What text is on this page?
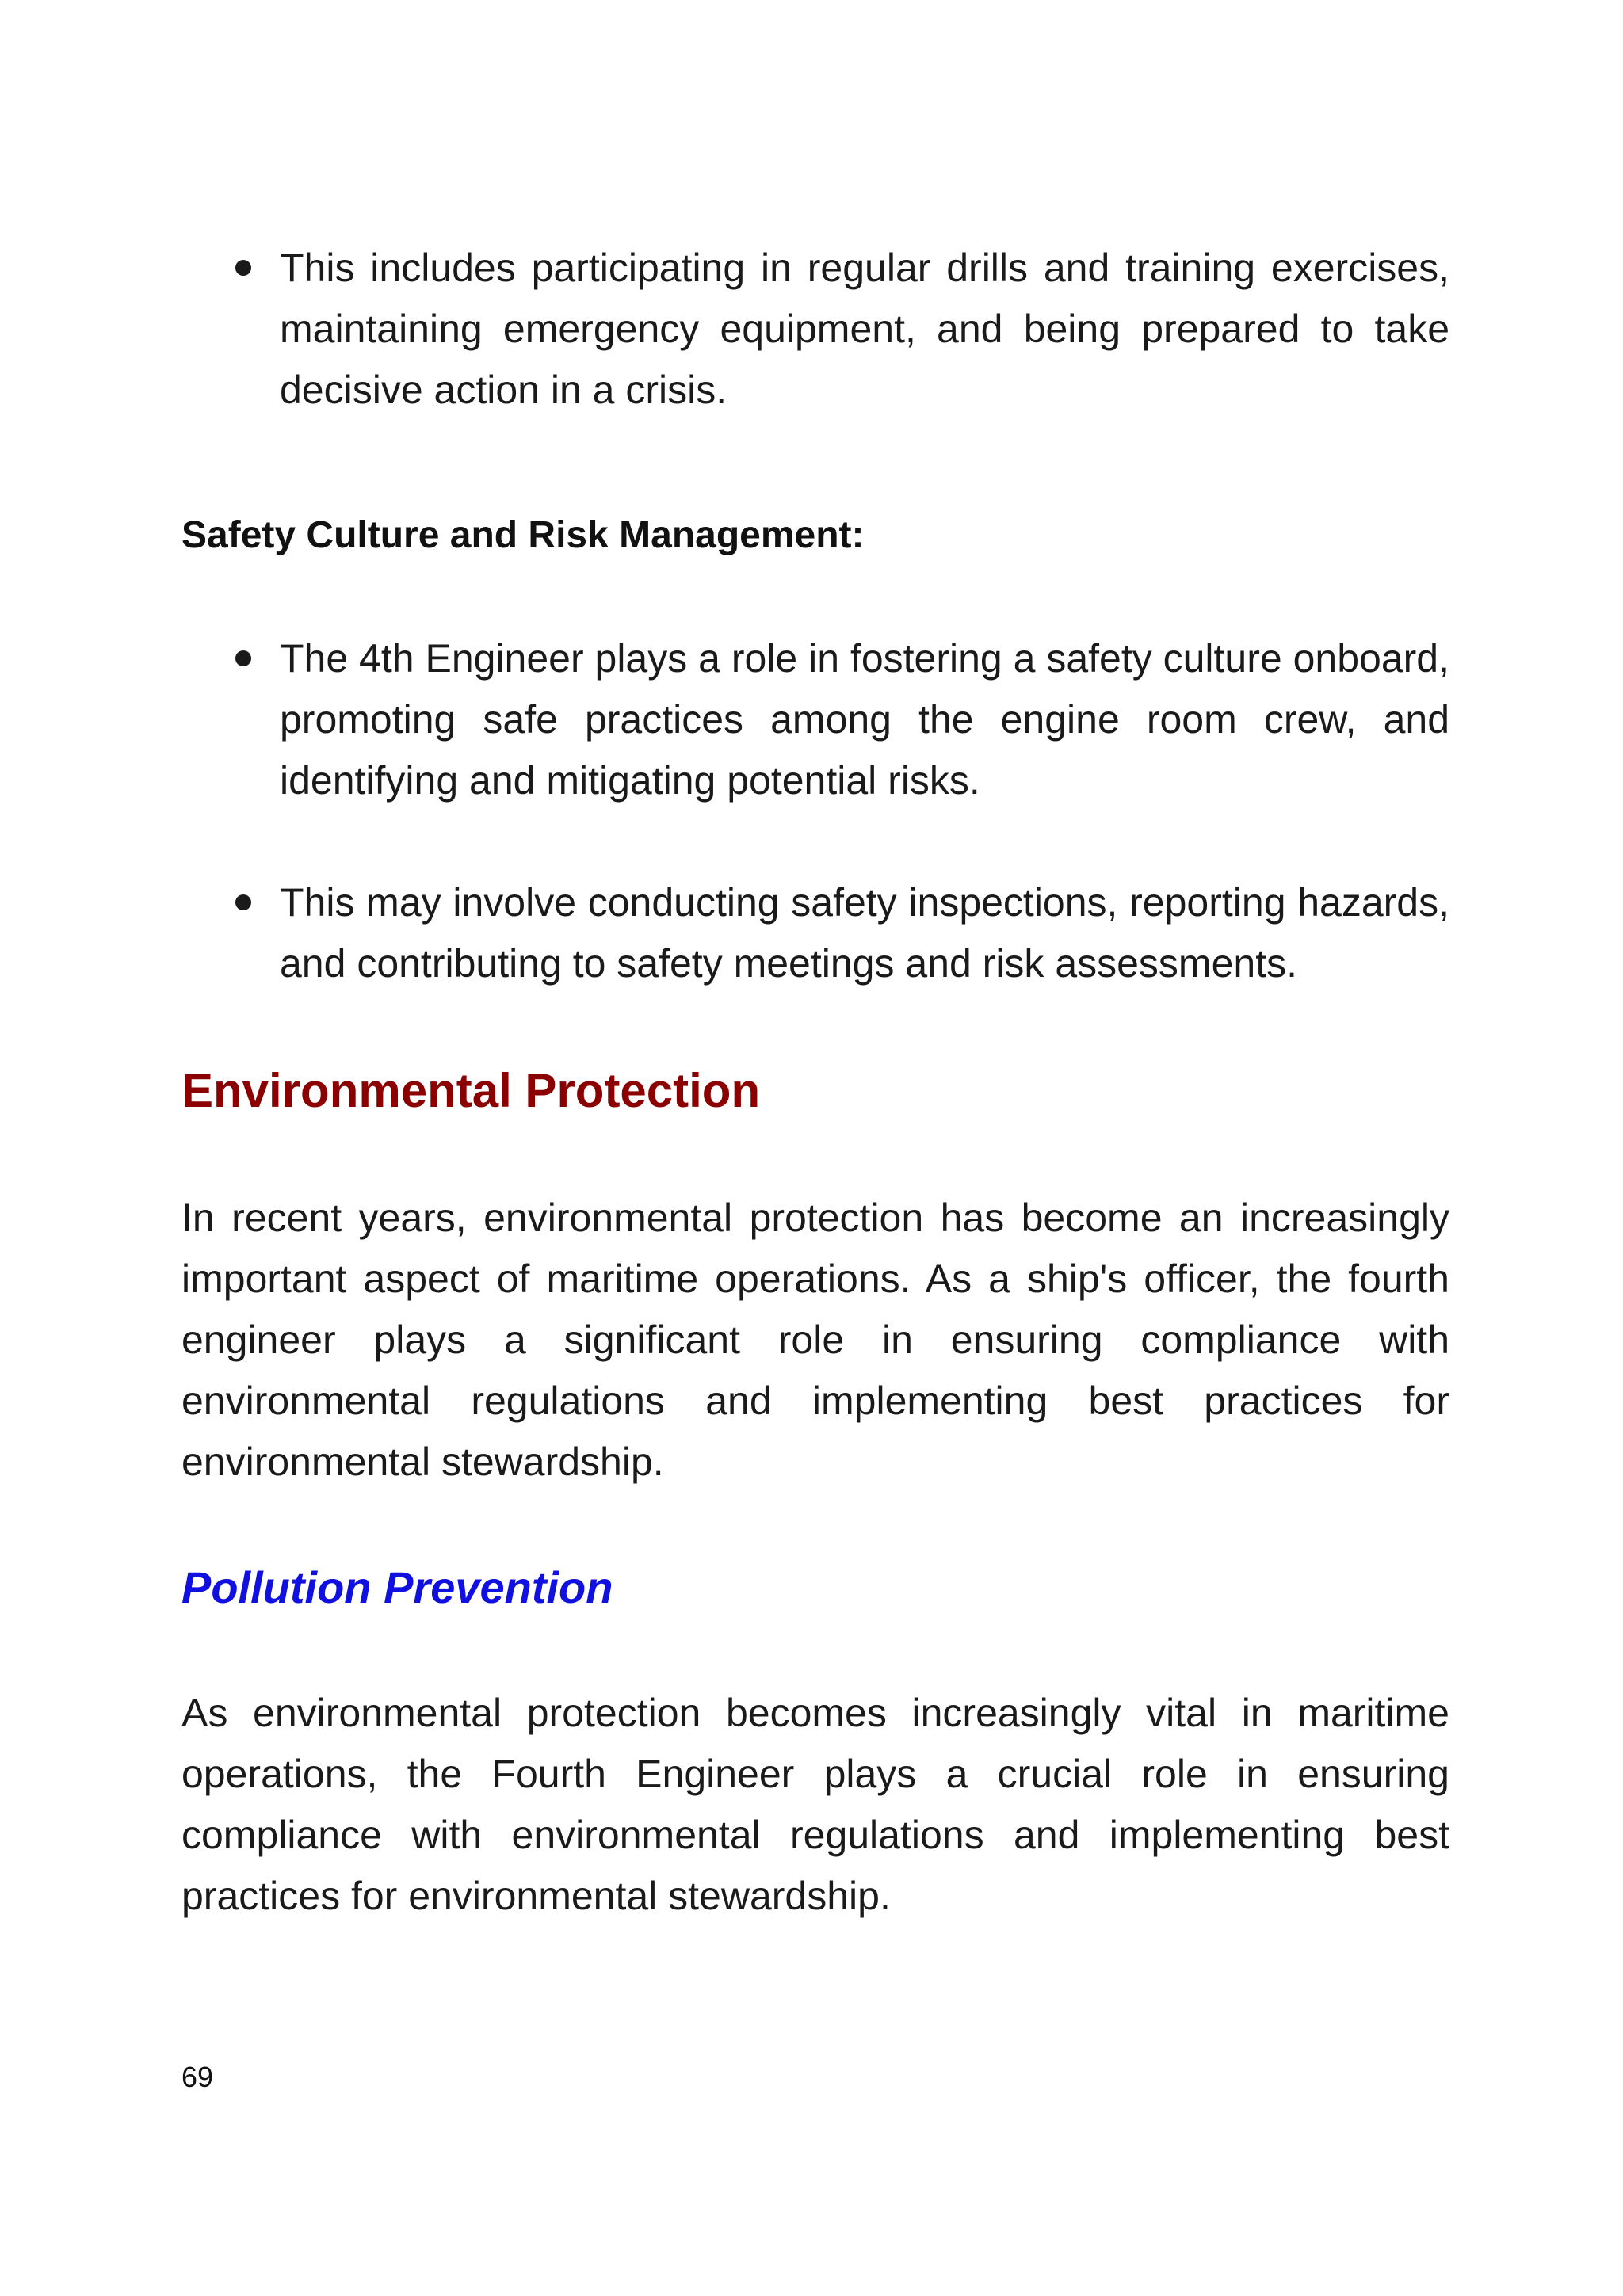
This includes participating in regular drills and training exercises, maintaining emergency equipment, and being prepared to take decisive action in a crisis.
Safety Culture and Risk Management:
The 4th Engineer plays a role in fostering a safety culture onboard, promoting safe practices among the engine room crew, and identifying and mitigating potential risks.
This may involve conducting safety inspections, reporting hazards, and contributing to safety meetings and risk assessments.
Environmental Protection

In recent years, environmental protection has become an increasingly important aspect of maritime operations. As a ship's officer, the fourth engineer plays a significant role in ensuring compliance with environmental regulations and implementing best practices for environmental stewardship.

Pollution Prevention

As environmental protection becomes increasingly vital in maritime operations, the Fourth Engineer plays a crucial role in ensuring compliance with environmental regulations and implementing best practices for environmental stewardship.

69
